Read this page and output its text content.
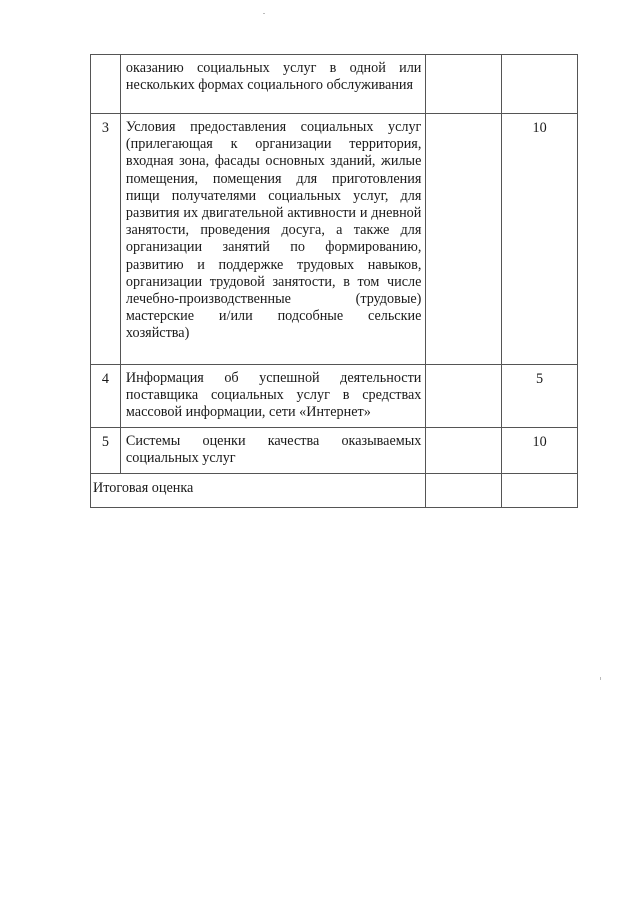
	оказанию социальных услуг в одной или нескольких формах социального обслуживания		
3	Условия предоставления социальных услуг (прилегающая к организации территория, входная зона, фасады основных зданий, жилые помещения, помещения для приготовления пищи получателями социальных услуг, для развития их двигательной активности и дневной занятости, проведения досуга, а также для организации занятий по формированию, развитию и поддержке трудовых навыков, организации трудовой занятости, в том числе лечебно-производственные (трудовые) мастерские и/или подсобные сельские хозяйства)		10
4	Информация об успешной деятельности поставщика социальных услуг в средствах массовой информации, сети «Интернет»		5
5	Системы оценки качества оказываемых социальных услуг		10
Итоговая оценка			
